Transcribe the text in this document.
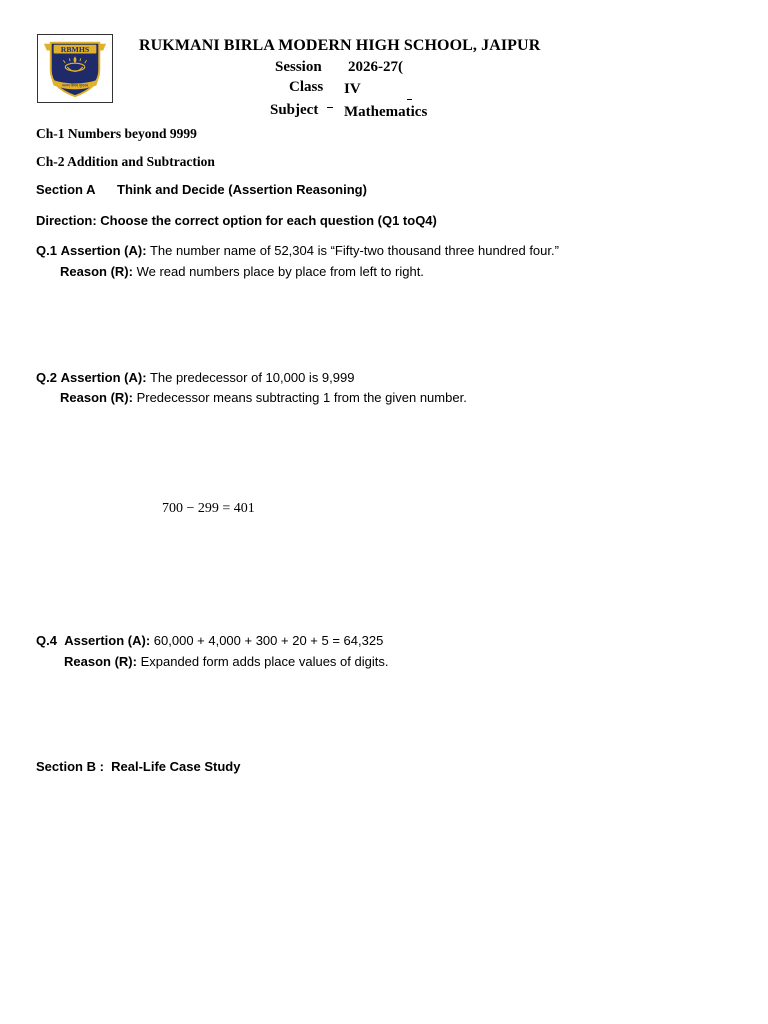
RBMHS
सत्यम् शिवम् सुन्दरम्
RUKMANI BIRLA MODERN HIGH SCHOOL, JAIPUR
Session 2026-27(
Class IV
Subject Mathematics
Ch-1 Numbers beyond 9999
Ch-2 Addition and Subtraction
Section A Think and Decide (Assertion Reasoning)
Direction: Choose the correct option for each question (Q1 toQ4)
Q.1 Assertion (A): The number name of 52,304 is “Fifty-two thousand three hundred four.”
Reason (R): We read numbers place by place from left to right.
Q.2 Assertion (A): The predecessor of 10,000 is 9,999
Reason (R): Predecessor means subtracting 1 from the given number.
700 − 299 = 401
Q.4 Assertion (A): 60,000 + 4,000 + 300 + 20 + 5 = 64,325
Reason (R): Expanded form adds place values of digits.
Section B : Real-Life Case Study
